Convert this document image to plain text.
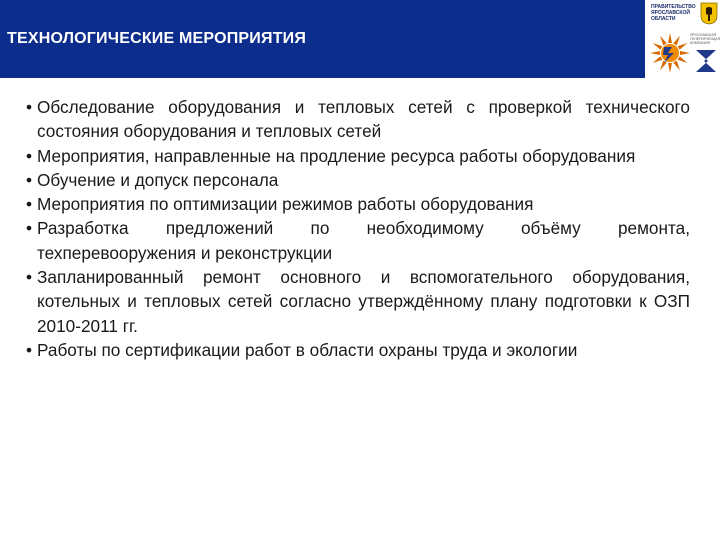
ТЕХНОЛОГИЧЕСКИЕ МЕРОПРИЯТИЯ
ПРАВИТЕЛЬСТВО
ЯРОСЛАВСКОЙ
ОБЛАСТИ
ЯРОСЛАВСКАЯ
ГЕНЕРИРУЮЩАЯ
КОМПАНИЯ
• Обследование оборудования и тепловых сетей с проверкой технического состояния оборудования и тепловых сетей
• Мероприятия, направленные на продление ресурса работы оборудования
• Обучение и допуск персонала
• Мероприятия по оптимизации режимов работы оборудования
• Разработка предложений по необходимому объёму ремонта, техперевооружения и реконструкции
• Запланированный ремонт основного и вспомогательного оборудования, котельных и тепловых сетей согласно утверждённому плану подготовки к ОЗП 2010-2011 гг.
• Работы по сертификации работ в области охраны труда и экологии
